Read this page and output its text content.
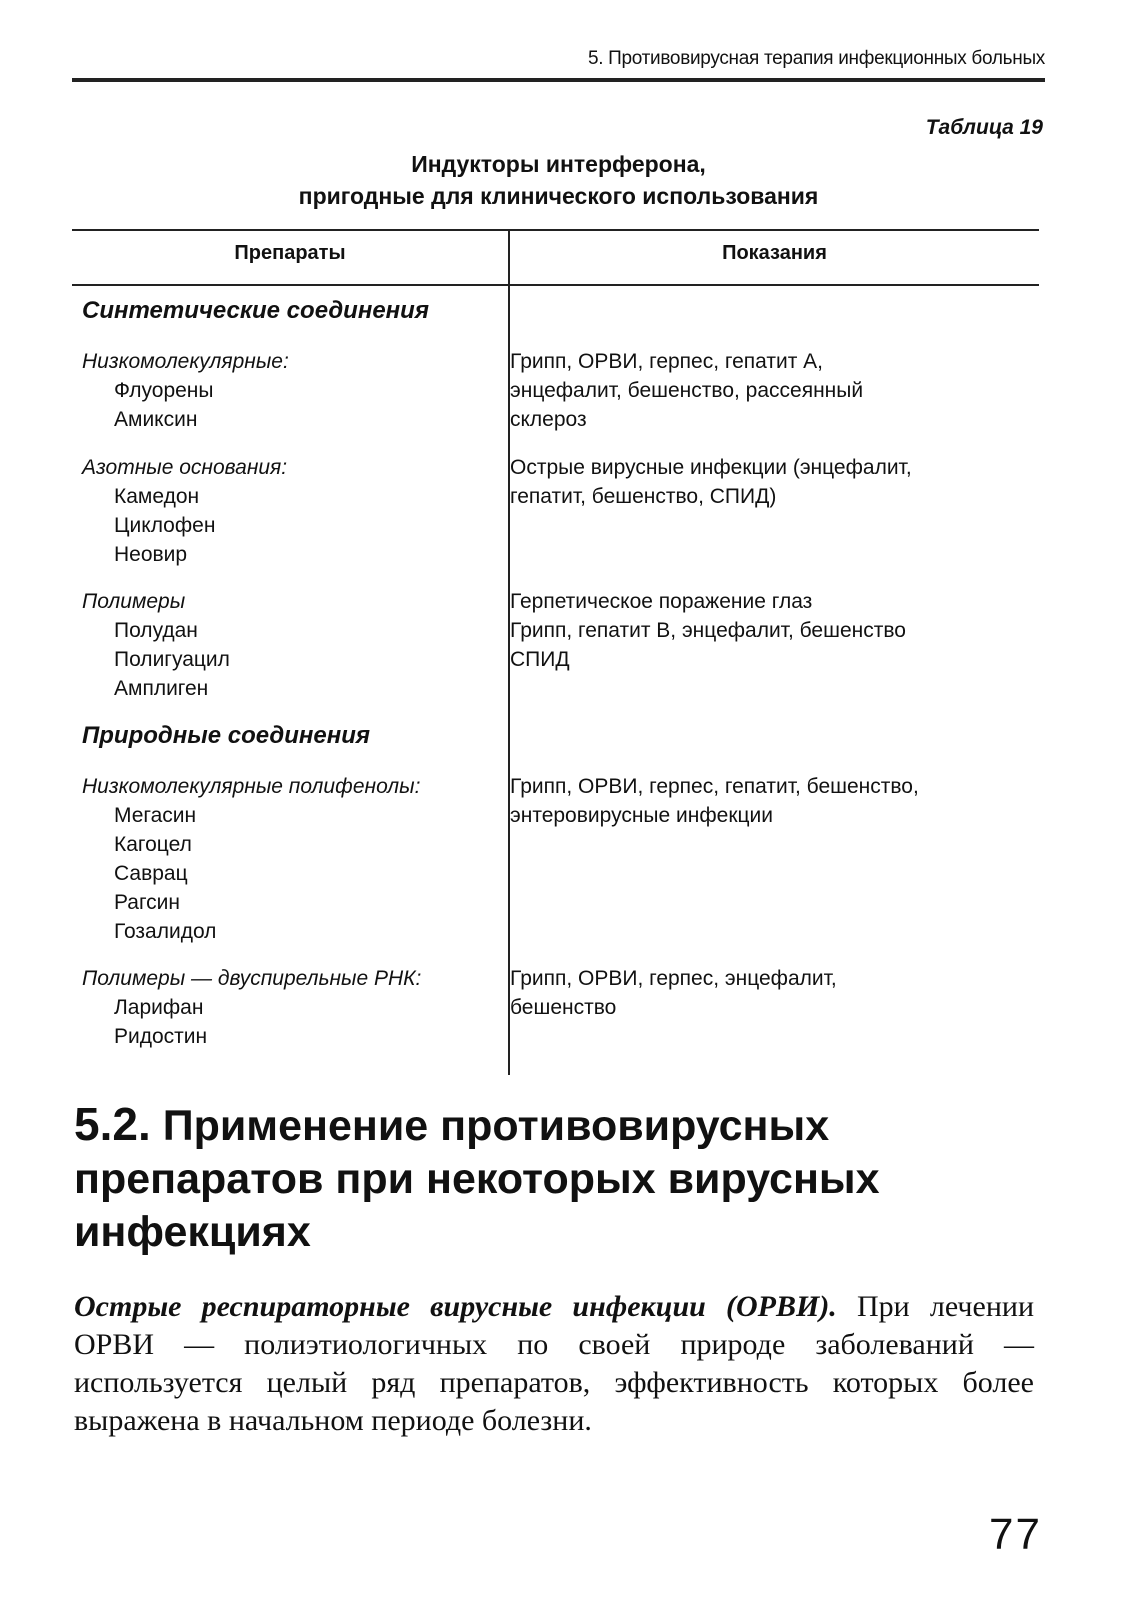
5. Противовирусная терапия инфекционных больных
Таблица 19
Индукторы интерферона,
пригодные для клинического использования
Препараты	Показания
Синтетические соединения
Низкомолекулярные:
Флуорены
Амиксин
Грипп, ОРВИ, герпес, гепатит А,
энцефалит, бешенство, рассеянный
склероз
Азотные основания:
Камедон
Циклофен
Неовир
Острые вирусные инфекции (энцефалит,
гепатит, бешенство, СПИД)
Полимеры
Полудан
Полигуацил
Амплиген
Герпетическое поражение глаз
Грипп, гепатит В, энцефалит, бешенство
СПИД
Природные соединения
Низкомолекулярные полифенолы:
Мегасин
Кагоцел
Саврац
Рагсин
Гозалидол
Грипп, ОРВИ, герпес, гепатит, бешенство,
энтеровирусные инфекции
Полимеры — двуспирельные РНК:
Ларифан
Ридостин
Грипп, ОРВИ, герпес, энцефалит,
бешенство
5.2. Применение противовирусных
препаратов при некоторых вирусных
инфекциях
Острые респираторные вирусные инфекции (ОРВИ). При лечении ОРВИ — полиэтиологичных по своей природе заболеваний — используется целый ряд препаратов, эффективность которых более выражена в начальном периоде болезни.
77
